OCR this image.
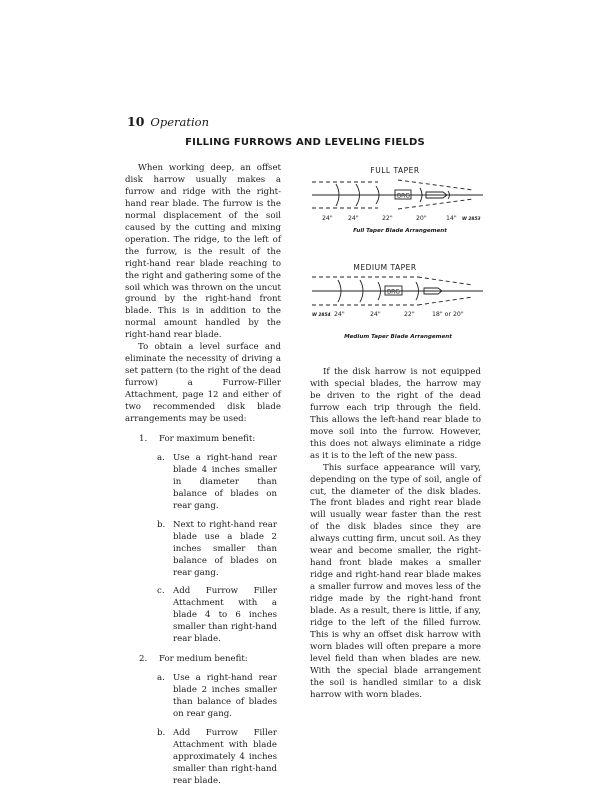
10 Operation
FILLING FURROWS AND LEVELING FIELDS

When working deep, an offset disk harrow usually makes a furrow and ridge with the right-hand rear blade. The furrow is the normal displacement of the soil caused by the cutting and mixing operation. The ridge, to the left of the furrow, is the result of the right-hand rear blade reaching to the right and gathering some of the soil which was thrown on the uncut ground by the right-hand front blade. This is in addition to the normal amount handled by the right-hand rear blade.

To obtain a level surface and eliminate the necessity of driving a set pattern (to the right of the dead furrow) a Furrow-Filler Attachment, page 12 and either of two recommended disk blade arrangements may be used:

1.	For maximum benefit:
a. Use a right-hand rear blade 4 inches smaller in diameter than balance of blades on rear gang.
b. Next to right-hand rear blade use a blade 2 inches smaller than balance of blades on rear gang.
c. Add Furrow Filler Attachment with a blade 4 to 6 inches smaller than right-hand rear blade.
2.	For medium benefit:
a. Use a right-hand rear blade 2 inches smaller than balance of blades on rear gang.
b. Add Furrow Filler Attachment with blade approximately 4 inches smaller than right-hand rear blade.
FULL TAPER
BRG
24" 24"	22"	20"	14" W 2853
Full Taper Blade Arrangement
MEDIUM TAPER
BRG
W 2854 24"	24"	22"	18" or 20"
Medium Taper Blade Arrangement

If the disk harrow is not equipped with special blades, the harrow may be driven to the right of the dead furrow each trip through the field. This allows the left-hand rear blade to move soil into the furrow. However, this does not always eliminate a ridge as it is to the left of the new pass.

This surface appearance will vary, depending on the type of soil, angle of cut, the diameter of the disk blades. The front blades and right rear blade will usually wear faster than the rest of the disk blades since they are always cutting firm, uncut soil. As they wear and become smaller, the right-hand front blade makes a smaller ridge and right-hand rear blade makes a smaller furrow and moves less of the ridge made by the right-hand front blade. As a result, there is little, if any, ridge to the left of the filled furrow. This is why an offset disk harrow with worn blades will often prepare a more level field than when blades are new. With the special blade arrangement the soil is handled similar to a disk harrow with worn blades.
